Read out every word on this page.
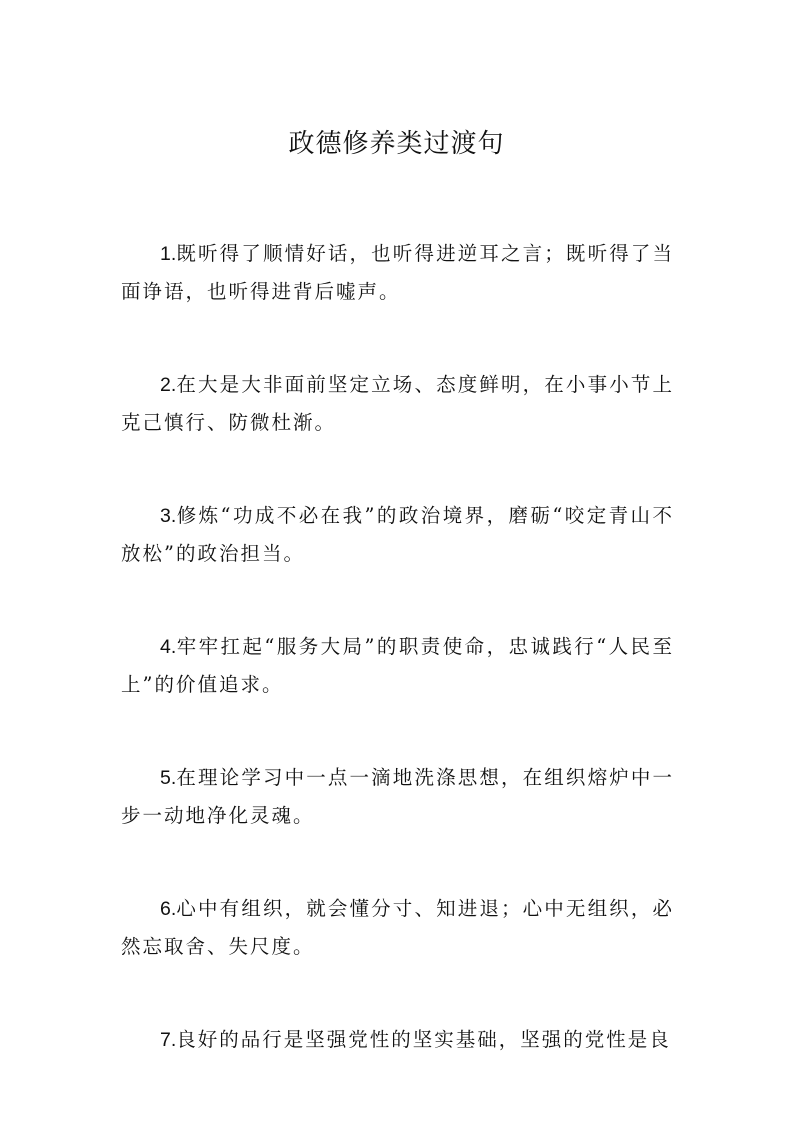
政德修养类过渡句

1.既听得了顺情好话，也听得进逆耳之言；既听得了当面诤语，也听得进背后嘘声。

2.在大是大非面前坚定立场、态度鲜明，在小事小节上克己慎行、防微杜渐。

3.修炼“功成不必在我”的政治境界，磨砺“咬定青山不放松”的政治担当。

4.牢牢扛起“服务大局”的职责使命，忠诚践行“人民至上”的价值追求。

5.在理论学习中一点一滴地洗涤思想，在组织熔炉中一步一动地净化灵魂。

6.心中有组织，就会懂分寸、知进退；心中无组织，必然忘取舍、失尺度。

7.良好的品行是坚强党性的坚实基础，坚强的党性是良
